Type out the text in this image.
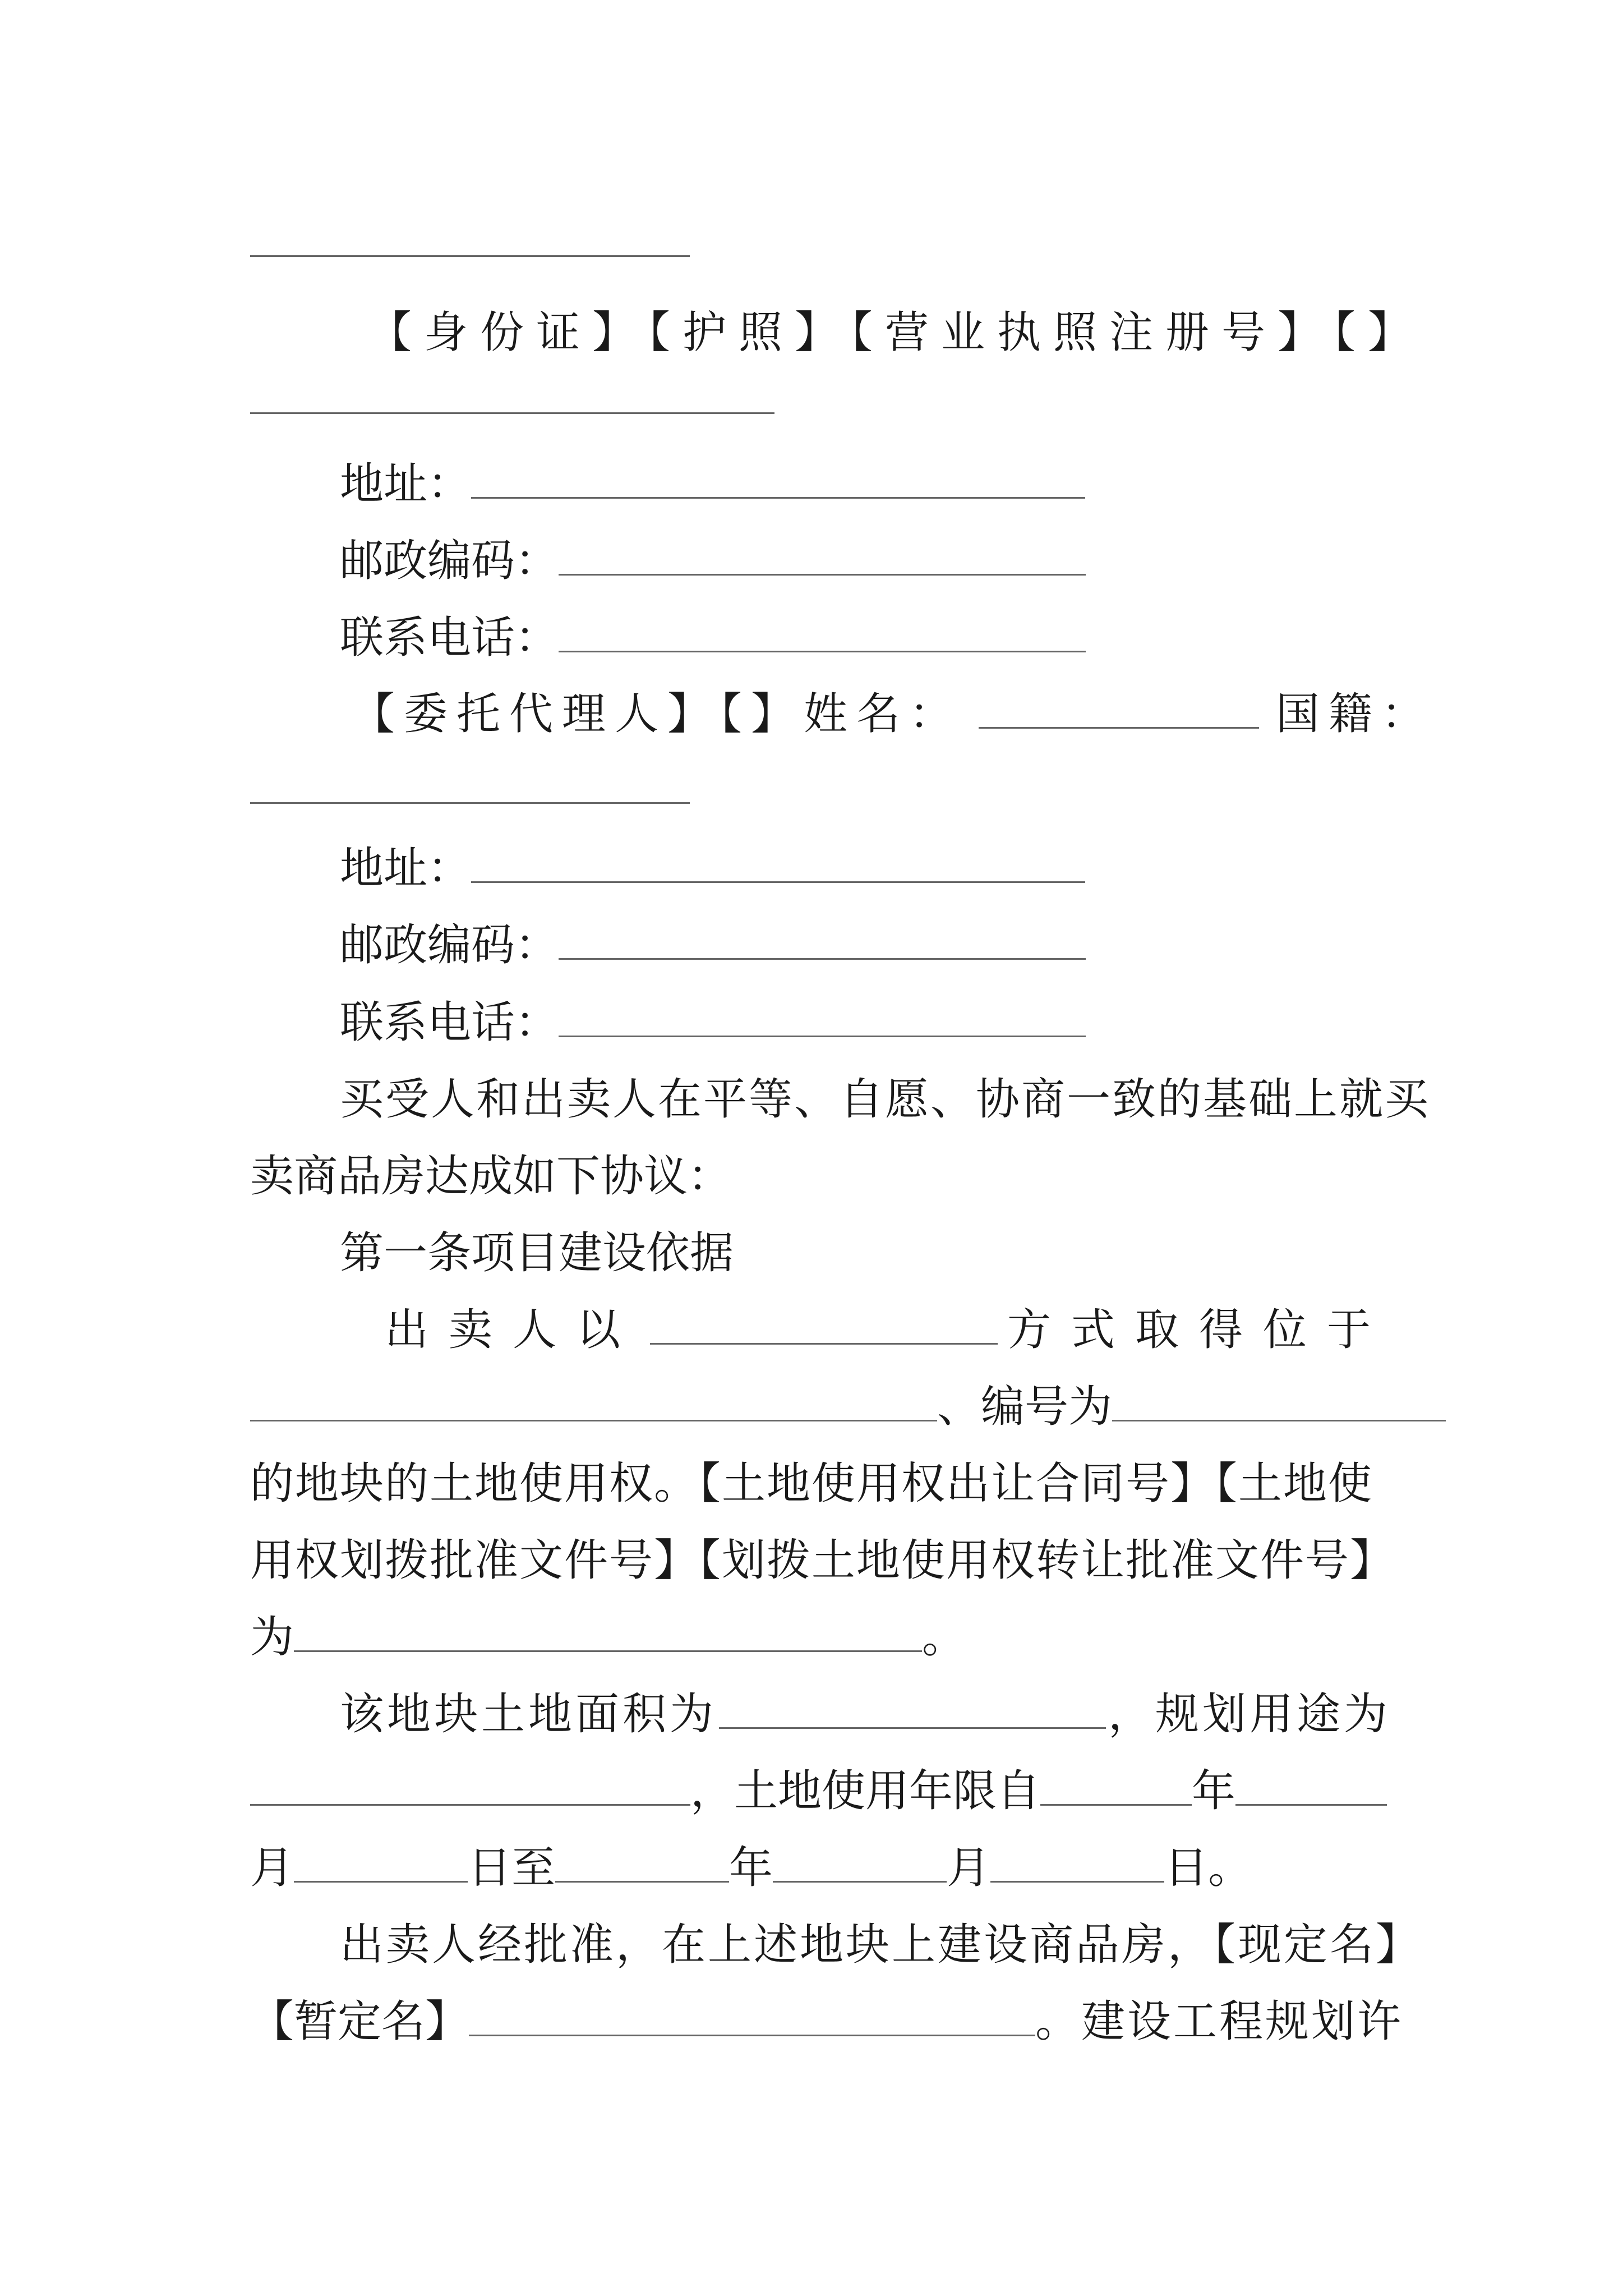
【身份证】【护照】【营业执照注册号】【】
地址：
邮政编码：
联系电话：
【委托代理人】【】姓名：	国籍：
地址：
邮政编码：
联系电话：
买受人和出卖人在平等、自愿、协商一致的基础上就买
卖商品房达成如下协议：
第一条项目建设依据
出卖人以	方式取得位于
、编号为
的地块的土地使用权。【土地使用权出让合同号】【土地使
用权划拨批准文件号】【划拨土地使用权转让批准文件号】
为	。
该地块土地面积为	，规划用途为
，土地使用年限自	年
月	日至	年	月	日。
出卖人经批准，在上述地块上建设商品房，【现定名】
【暂定名】	。建设工程规划许
